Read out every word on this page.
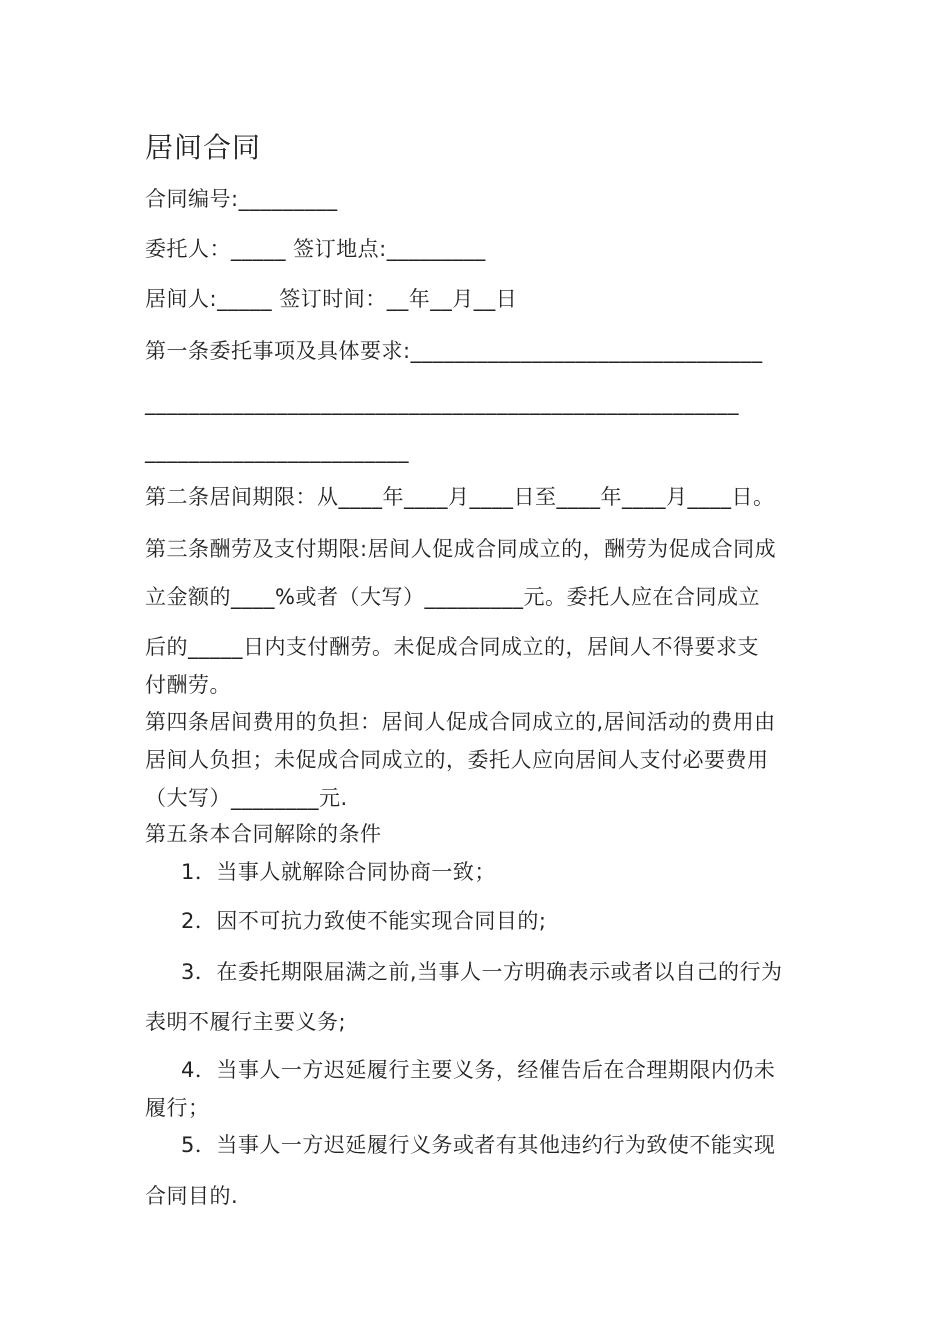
居间合同
合同编号:_________
委托人：_____ 签订地点:_________
居间人:_____ 签订时间：__年__月__日
第一条委托事项及具体要求:________________________________
______________________________________________________
________________________
第二条居间期限：从____年____月____日至____年____月____日。
第三条酬劳及支付期限:居间人促成合同成立的，酬劳为促成合同成
立金额的____%或者（大写）_________元。委托人应在合同成立
后的_____日内支付酬劳。未促成合同成立的，居间人不得要求支
付酬劳。
第四条居间费用的负担：居间人促成合同成立的,居间活动的费用由
居间人负担；未促成合同成立的，委托人应向居间人支付必要费用
（大写）________元.
第五条本合同解除的条件
1．当事人就解除合同协商一致；
2．因不可抗力致使不能实现合同目的;
3．在委托期限届满之前,当事人一方明确表示或者以自己的行为
表明不履行主要义务;
4．当事人一方迟延履行主要义务，经催告后在合理期限内仍未
履行；
5．当事人一方迟延履行义务或者有其他违约行为致使不能实现
合同目的.
